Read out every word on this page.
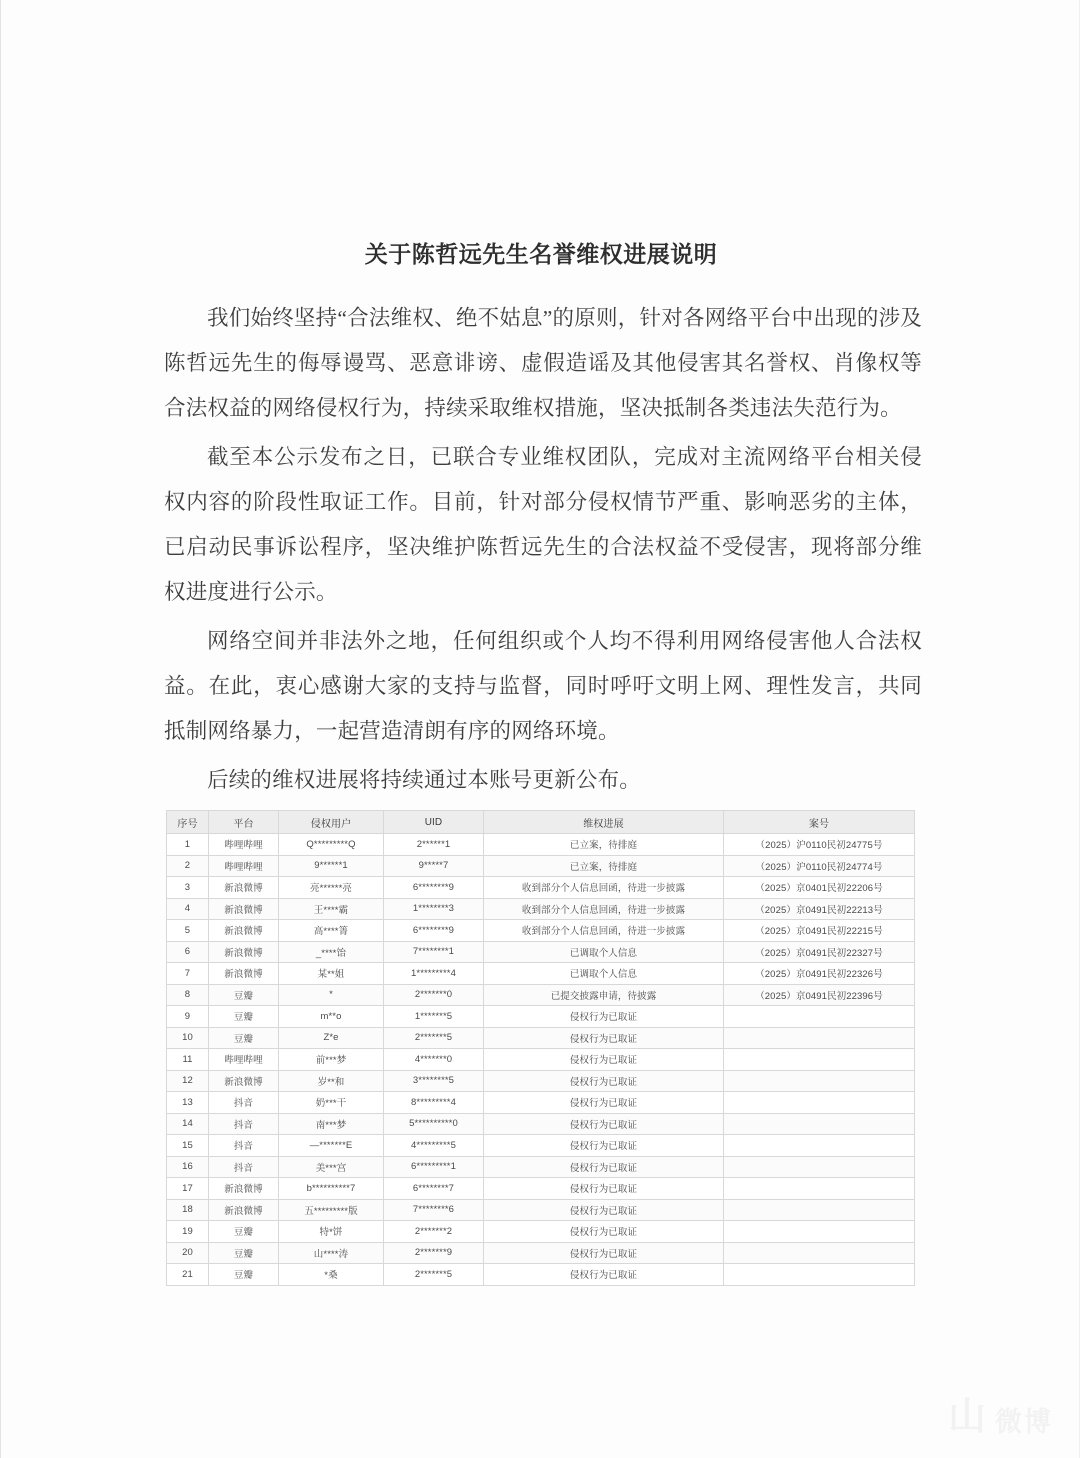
关于陈哲远先生名誉维权进展说明

我们始终坚持“合法维权、绝不姑息”的原则，针对各网络平台中出现的涉及陈哲远先生的侮辱谩骂、恶意诽谤、虚假造谣及其他侵害其名誉权、肖像权等合法权益的网络侵权行为，持续采取维权措施，坚决抵制各类违法失范行为。

截至本公示发布之日，已联合专业维权团队，完成对主流网络平台相关侵权内容的阶段性取证工作。目前，针对部分侵权情节严重、影响恶劣的主体，已启动民事诉讼程序，坚决维护陈哲远先生的合法权益不受侵害，现将部分维权进度进行公示。

网络空间并非法外之地，任何组织或个人均不得利用网络侵害他人合法权益。在此，衷心感谢大家的支持与监督，同时呼吁文明上网、理性发言，共同抵制网络暴力，一起营造清朗有序的网络环境。

后续的维权进展将持续通过本账号更新公布。

序号	平台	侵权用户	UID	维权进展	案号
1	哔哩哔哩	Q*********Q	2******1	已立案，待排庭	（2025）沪0110民初24775号
2	哔哩哔哩	9******1	9*****7	已立案，待排庭	（2025）沪0110民初24774号
3	新浪微博	亮******亮	6********9	收到部分个人信息回函，待进一步披露	（2025）京0401民初22206号
4	新浪微博	王****霸	1********3	收到部分个人信息回函，待进一步披露	（2025）京0491民初22213号
5	新浪微博	高****箐	6********9	收到部分个人信息回函，待进一步披露	（2025）京0491民初22215号
6	新浪微博	_****饴	7********1	已调取个人信息	（2025）京0491民初22327号
7	新浪微博	某**姐	1*********4	已调取个人信息	（2025）京0491民初22326号
8	豆瓣	*	2*******0	已提交披露申请，待披露	（2025）京0491民初22396号
9	豆瓣	m**o	1*******5	侵权行为已取证	
10	豆瓣	Z*e	2*******5	侵权行为已取证	
11	哔哩哔哩	前***梦	4*******0	侵权行为已取证	
12	新浪微博	岁**和	3********5	侵权行为已取证	
13	抖音	奶***干	8*********4	侵权行为已取证	
14	抖音	南***梦	5**********0	侵权行为已取证	
15	抖音	—*******E	4*********5	侵权行为已取证	
16	抖音	美***宫	6*********1	侵权行为已取证	
17	新浪微博	b**********7	6********7	侵权行为已取证	
18	新浪微博	五*********版	7********6	侵权行为已取证	
19	豆瓣	特*饼	2*******2	侵权行为已取证	
20	豆瓣	山****涛	2*******9	侵权行为已取证	
21	豆瓣	*桑	2*******5	侵权行为已取证	
山 微博
